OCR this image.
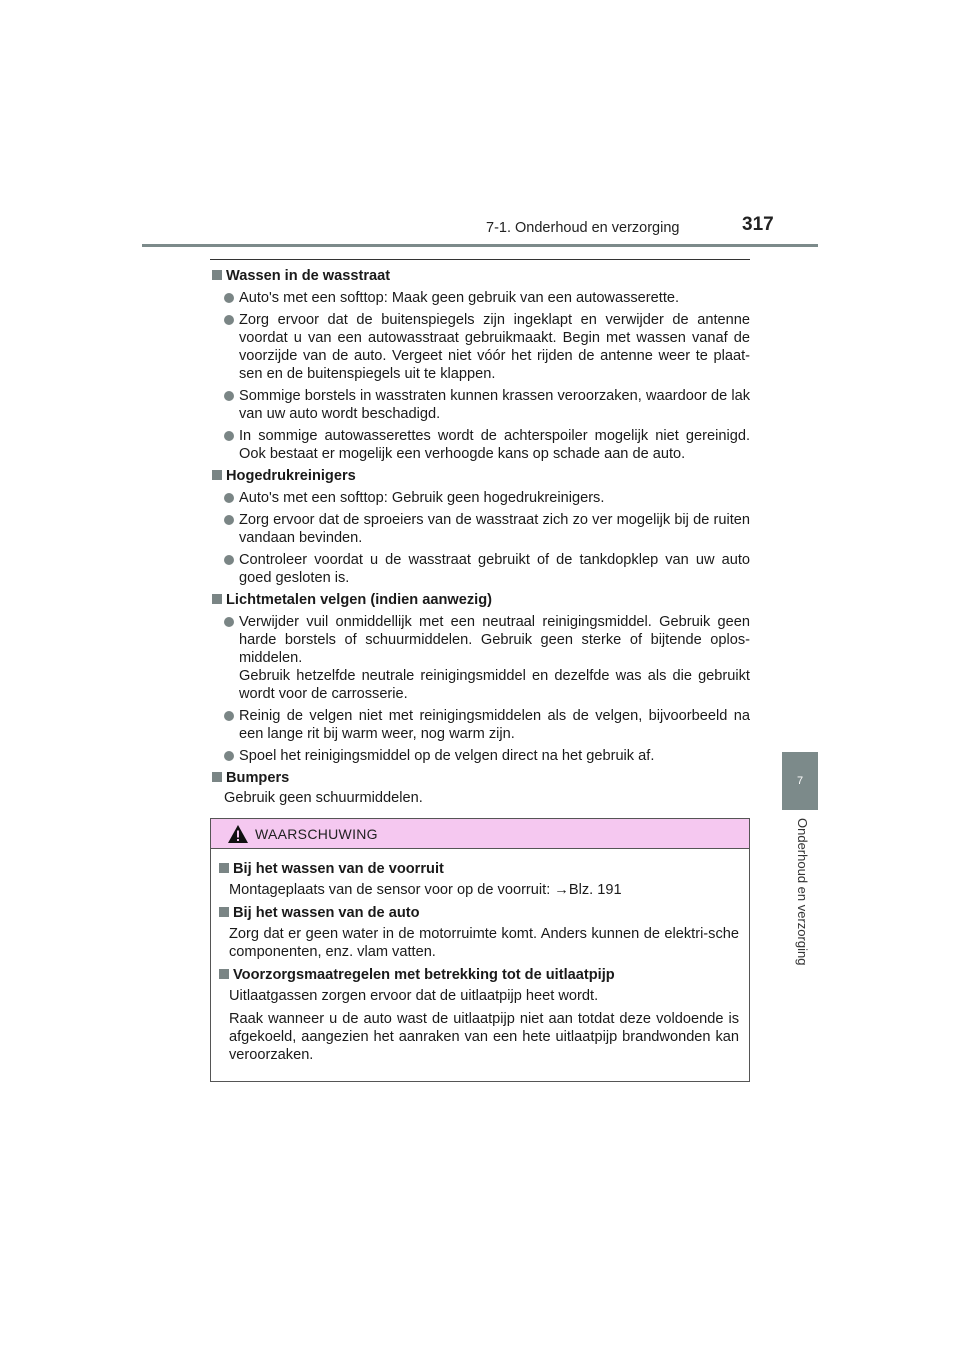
7-1. Onderhoud en verzorging	317
7
Onderhoud en verzorging
Wassen in de wasstraat
Auto's met een softtop: Maak geen gebruik van een autowasserette.
Zorg ervoor dat de buitenspiegels zijn ingeklapt en verwijder de antenne voordat u van een autowasstraat gebruikmaakt. Begin met wassen vanaf de voorzijde van de auto. Vergeet niet vóór het rijden de antenne weer te plaat-sen en de buitenspiegels uit te klappen.
Sommige borstels in wasstraten kunnen krassen veroorzaken, waardoor de lak van uw auto wordt beschadigd.
In sommige autowasserettes wordt de achterspoiler mogelijk niet gereinigd. Ook bestaat er mogelijk een verhoogde kans op schade aan de auto.
Hogedrukreinigers
Auto's met een softtop: Gebruik geen hogedrukreinigers.
Zorg ervoor dat de sproeiers van de wasstraat zich zo ver mogelijk bij de ruiten vandaan bevinden.
Controleer voordat u de wasstraat gebruikt of de tankdopklep van uw auto goed gesloten is.
Lichtmetalen velgen (indien aanwezig)
Verwijder vuil onmiddellijk met een neutraal reinigingsmiddel. Gebruik geen harde borstels of schuurmiddelen. Gebruik geen sterke of bijtende oplos-middelen.
Gebruik hetzelfde neutrale reinigingsmiddel en dezelfde was als die gebruikt wordt voor de carrosserie.
Reinig de velgen niet met reinigingsmiddelen als de velgen, bijvoorbeeld na een lange rit bij warm weer, nog warm zijn.
Spoel het reinigingsmiddel op de velgen direct na het gebruik af.
Bumpers
Gebruik geen schuurmiddelen.
WAARSCHUWING
Bij het wassen van de voorruit
Montageplaats van de sensor voor op de voorruit: →Blz. 191
Bij het wassen van de auto
Zorg dat er geen water in de motorruimte komt. Anders kunnen de elektri-sche componenten, enz. vlam vatten.
Voorzorgsmaatregelen met betrekking tot de uitlaatpijp
Uitlaatgassen zorgen ervoor dat de uitlaatpijp heet wordt.
Raak wanneer u de auto wast de uitlaatpijp niet aan totdat deze voldoende is afgekoeld, aangezien het aanraken van een hete uitlaatpijp brandwonden kan veroorzaken.
